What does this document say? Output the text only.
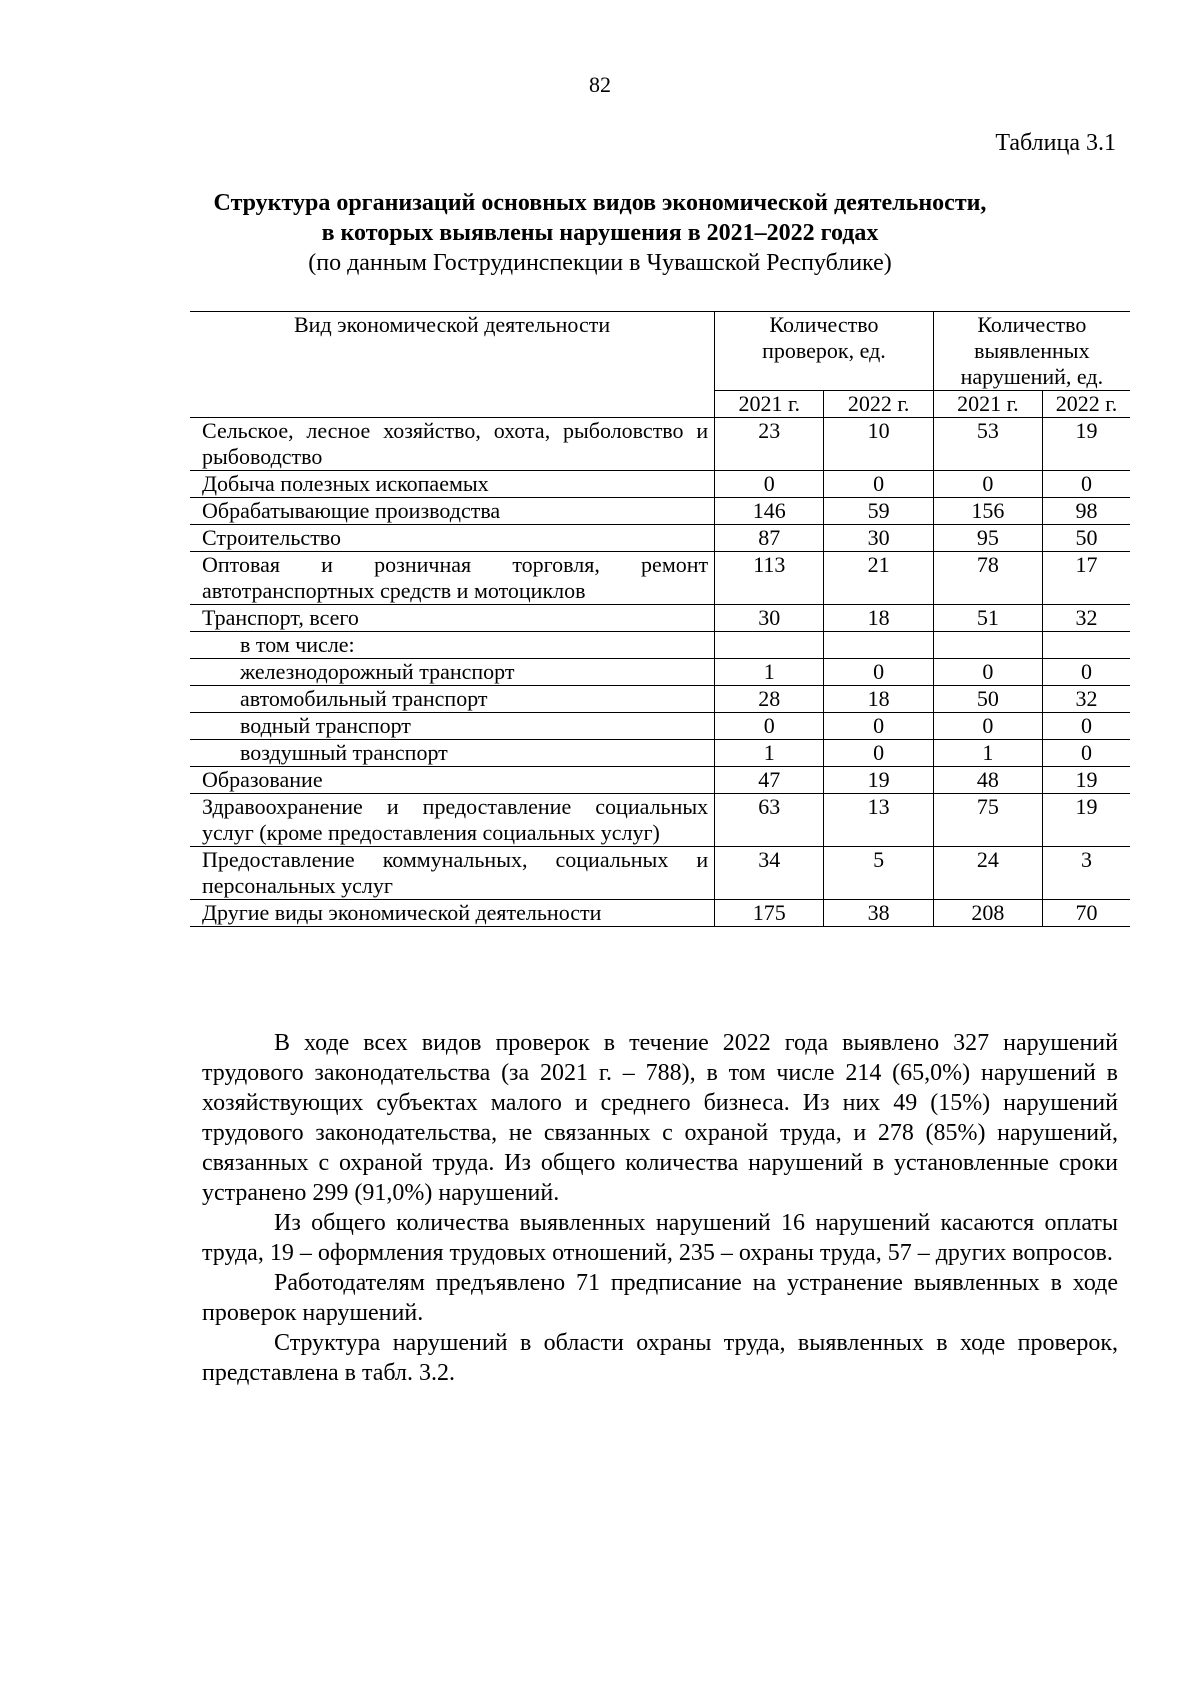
82
Таблица 3.1
Структура организаций основных видов экономической деятельности,
в которых выявлены нарушения в 2021–2022 годах
(по данным Гострудинспекции в Чувашской Республике)
Вид экономической деятельности	Количество проверок, ед.		Количество выявленных нарушений, ед.	
	2021 г.	2022 г.	2021 г.	2022 г.
Сельское, лесное хозяйство, охота, рыболовство и рыбоводство	23	10	53	19
Добыча полезных ископаемых	0	0	0	0
Обрабатывающие производства	146	59	156	98
Строительство	87	30	95	50
Оптовая и розничная торговля, ремонт автотранспортных средств и мотоциклов	113	21	78	17
Транспорт, всего	30	18	51	32
в том числе:				
железнодорожный транспорт	1	0	0	0
автомобильный транспорт	28	18	50	32
водный транспорт	0	0	0	0
воздушный транспорт	1	0	1	0
Образование	47	19	48	19
Здравоохранение и предоставление социальных услуг (кроме предоставления социальных услуг)	63	13	75	19
Предоставление коммунальных, социальных и персональных услуг	34	5	24	3
Другие виды экономической деятельности	175	38	208	70

В ходе всех видов проверок в течение 2022 года выявлено 327 нарушений трудового законодательства (за 2021 г. – 788), в том числе 214 (65,0%) нарушений в хозяйствующих субъектах малого и среднего бизнеса. Из них 49 (15%) нарушений трудового законодательства, не связанных с охраной труда, и 278 (85%) нарушений, связанных с охраной труда. Из общего количества нарушений в установленные сроки устранено 299 (91,0%) нарушений.

Из общего количества выявленных нарушений 16 нарушений касаются оплаты труда, 19 – оформления трудовых отношений, 235 – охраны труда, 57 – других вопросов.

Работодателям предъявлено 71 предписание на устранение выявленных в ходе проверок нарушений.

Структура нарушений в области охраны труда, выявленных в ходе проверок, представлена в табл. 3.2.
